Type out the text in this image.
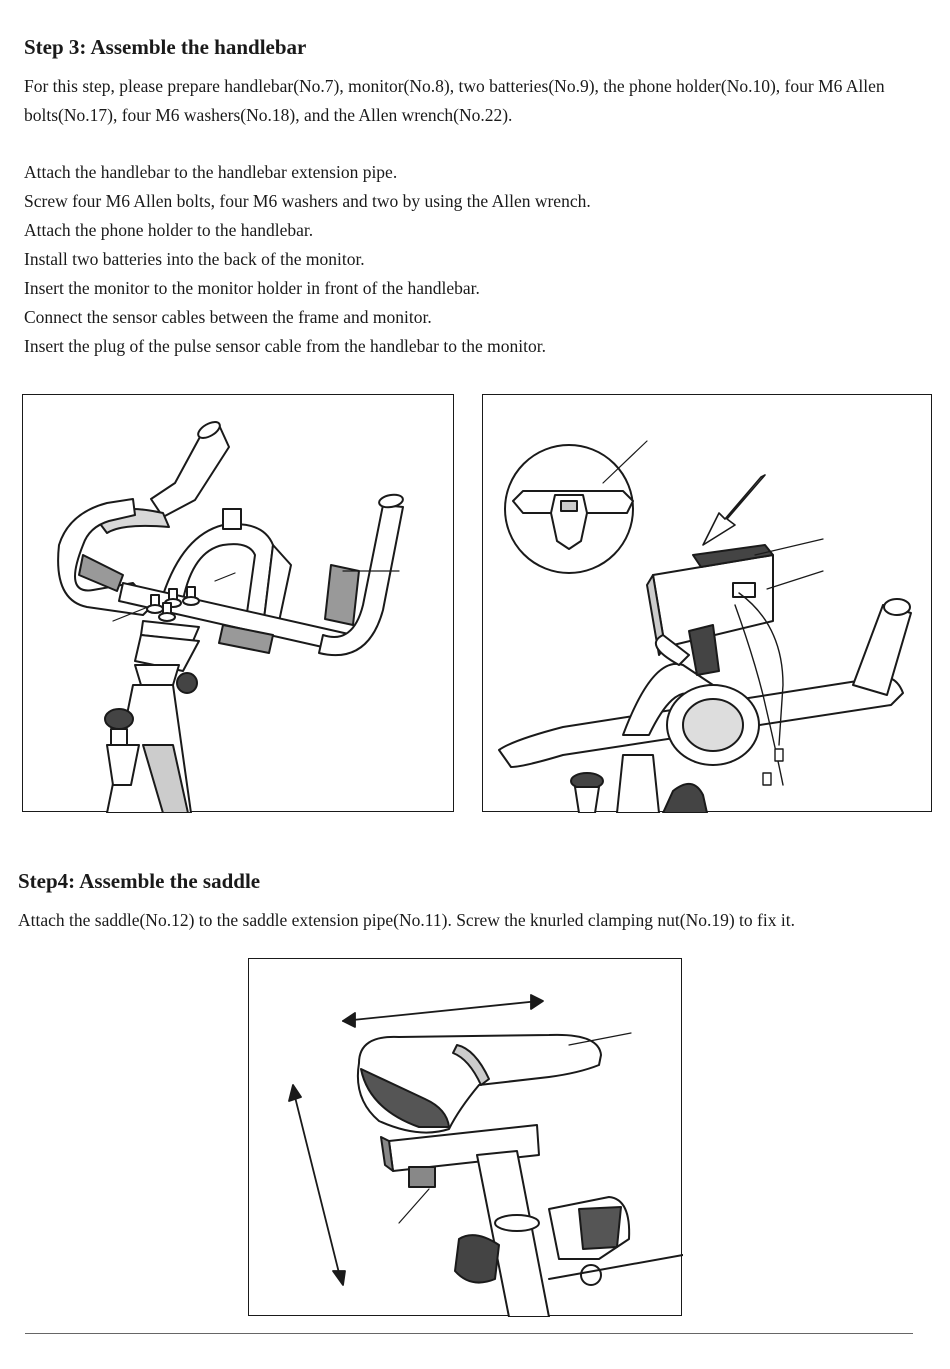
Step 3: Assemble the handlebar

For this step, please prepare handlebar(No.7), monitor(No.8), two batteries(No.9), the phone holder(No.10), four M6 Allen bolts(No.17), four M6 washers(No.18), and the Allen wrench(No.22).

Attach the handlebar to the handlebar extension pipe.
Screw four M6 Allen bolts, four M6 washers and two by using the Allen wrench.
Attach the phone holder to the handlebar.
Install two batteries into the back of the monitor.
Insert the monitor to the monitor holder in front of the handlebar.
Connect the sensor cables between the frame and monitor.
Insert the plug of the pulse sensor cable from the handlebar to the monitor.
Step4: Assemble the saddle

Attach the saddle(No.12) to the saddle extension pipe(No.11). Screw the knurled clamping nut(No.19) to fix it.
